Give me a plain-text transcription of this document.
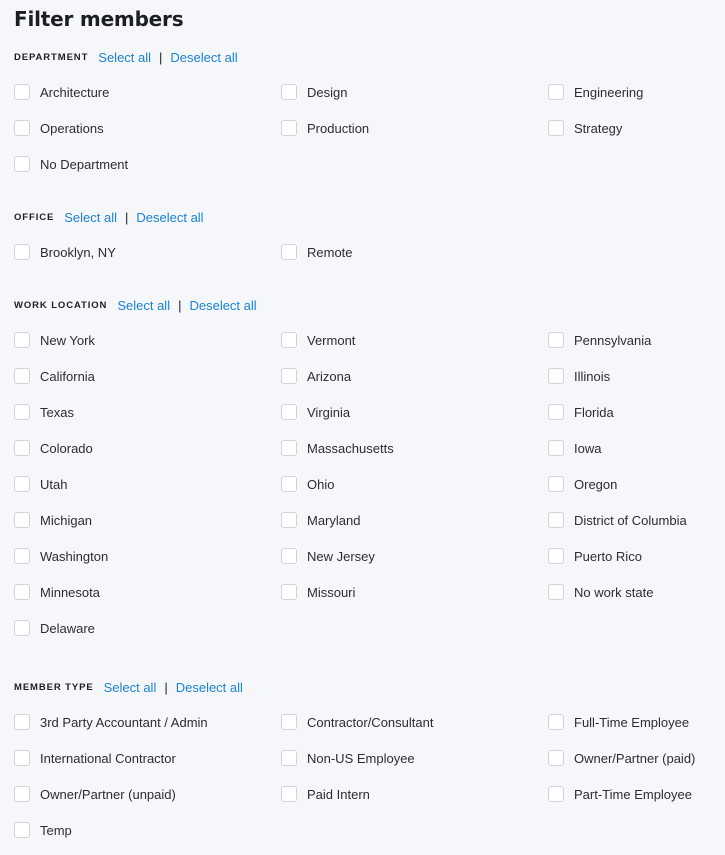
Filter members
DEPARTMENT Select all | Deselect all
Architecture	Design	Engineering
Operations	Production	Strategy
No Department
OFFICE Select all | Deselect all
Brooklyn, NY	Remote
WORK LOCATION Select all | Deselect all
New York	Vermont	Pennsylvania
California	Arizona	Illinois
Texas	Virginia	Florida
Colorado	Massachusetts	Iowa
Utah	Ohio	Oregon
Michigan	Maryland	District of Columbia
Washington	New Jersey	Puerto Rico
Minnesota	Missouri	No work state
Delaware
MEMBER TYPE Select all | Deselect all
3rd Party Accountant / Admin	Contractor/Consultant	Full-Time Employee
International Contractor	Non-US Employee	Owner/Partner (paid)
Owner/Partner (unpaid)	Paid Intern	Part-Time Employee
Temp
